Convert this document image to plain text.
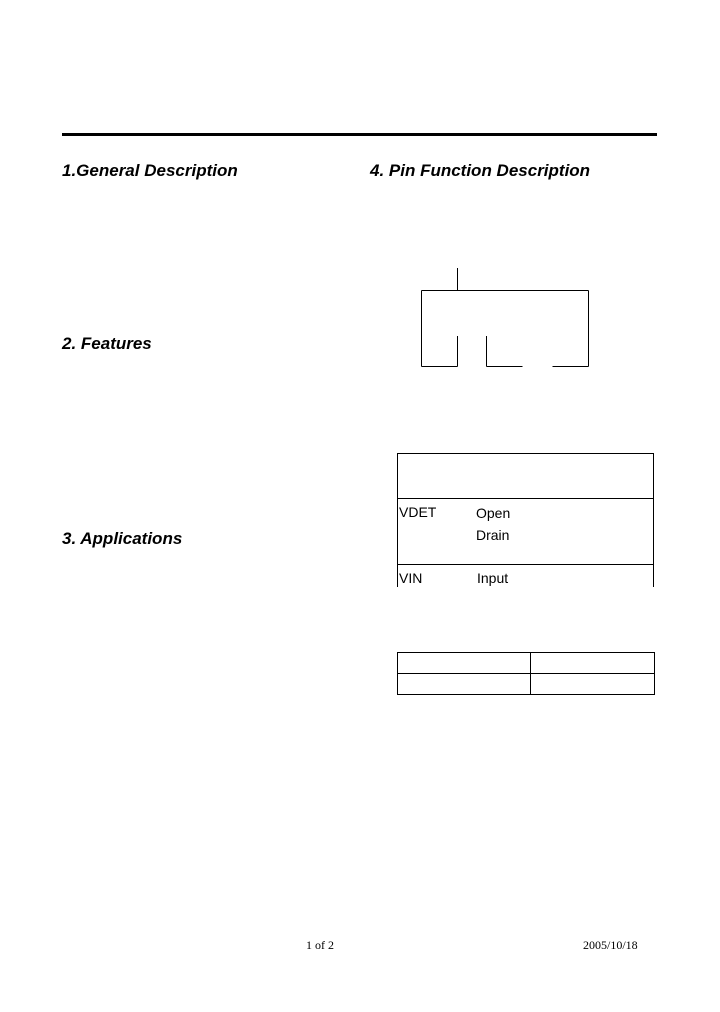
1.General Description	4. Pin Function Description
2. Features
3. Applications
VDET	Open
Drain
VIN	Input

1 of 2	2005/10/18
